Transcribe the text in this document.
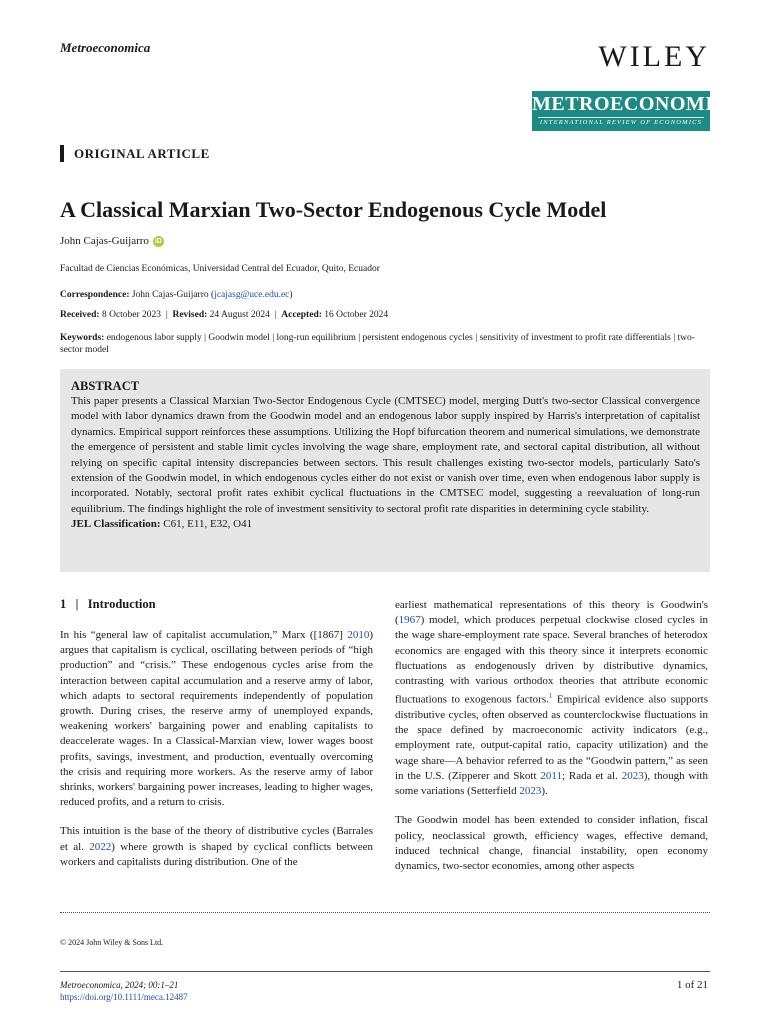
Metroeconomica	WILEY
METROECONOMICA
INTERNATIONAL REVIEW OF ECONOMICS
ORIGINAL ARTICLE
A Classical Marxian Two-Sector Endogenous Cycle Model
John Cajas-Guijarro iD
Facultad de Ciencias Económicas, Universidad Central del Ecuador, Quito, Ecuador
Correspondence: John Cajas-Guijarro (jcajasg@uce.edu.ec)
Received: 8 October 2023  |  Revised: 24 August 2024  |  Accepted: 16 October 2024
Keywords: endogenous labor supply | Goodwin model | long-run equilibrium | persistent endogenous cycles | sensitivity of investment to profit rate differentials | two-sector model
ABSTRACT

This paper presents a Classical Marxian Two-Sector Endogenous Cycle (CMTSEC) model, merging Dutt's two-sector Classical convergence model with labor dynamics drawn from the Goodwin model and an endogenous labor supply inspired by Harris's interpretation of capitalist dynamics. Empirical support reinforces these assumptions. Utilizing the Hopf bifurcation theorem and numerical simulations, we demonstrate the emergence of persistent and stable limit cycles involving the wage share, employment rate, and sectoral capital distribution, all without relying on specific capital intensity discrepancies between sectors. This result challenges existing two-sector models, particularly Sato's extension of the Goodwin model, in which endogenous cycles either do not exist or vanish over time, even when endogenous labor supply is incorporated. Notably, sectoral profit rates exhibit cyclical fluctuations in the CMTSEC model, suggesting a reevaluation of long-run equilibrium. The findings highlight the role of investment sensitivity to sectoral profit rate disparities in determining cycle stability.

JEL Classification: C61, E11, E32, O41
1 | Introduction

In his “general law of capitalist accumulation,” Marx ([1867] 2010) argues that capitalism is cyclical, oscillating between periods of “high production” and “crisis.” These endogenous cycles arise from the interaction between capital accumulation and a reserve army of labor, which adapts to sectoral requirements independently of population growth. During crises, the reserve army of unemployed expands, weakening workers' bargaining power and enabling capitalists to deaccelerate wages. In a Classical-Marxian view, lower wages boost profits, savings, investment, and production, eventually overcoming the crisis and requiring more workers. As the reserve army of labor shrinks, workers' bargaining power increases, leading to higher wages, reduced profits, and a return to crisis.

This intuition is the base of the theory of distributive cycles (Barrales et al. 2022) where growth is shaped by cyclical conflicts between workers and capitalists during distribution. One of the

earliest mathematical representations of this theory is Goodwin's (1967) model, which produces perpetual clockwise closed cycles in the wage share-employment rate space. Several branches of heterodox economics are engaged with this theory since it interprets economic fluctuations as endogenously driven by distributive dynamics, contrasting with various orthodox theories that attribute economic fluctuations to exogenous factors.$^1$ Empirical evidence also supports distributive cycles, often observed as counterclockwise fluctuations in the space defined by macroeconomic activity indicators (e.g., employment rate, output-capital ratio, capacity utilization) and the wage share—A behavior referred to as the “Goodwin pattern,” as seen in the U.S. (Zipperer and Skott 2011; Rada et al. 2023), though with some variations (Setterfield 2023).

The Goodwin model has been extended to consider inflation, fiscal policy, neoclassical growth, efficiency wages, effective demand, induced technical change, financial instability, open economy dynamics, two-sector economies, among other aspects

© 2024 John Wiley & Sons Ltd.
Metroeconomica, 2024; 00:1–21
https://doi.org/10.1111/meca.12487
1 of 21
